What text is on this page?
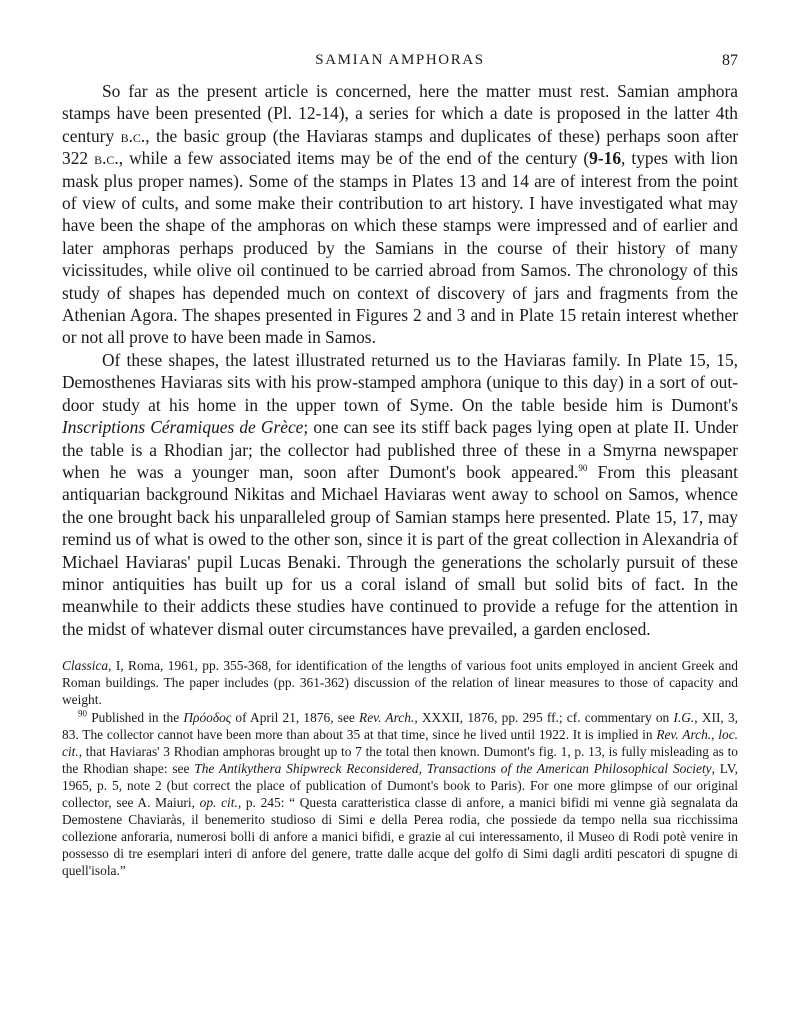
SAMIAN AMPHORAS	87

So far as the present article is concerned, here the matter must rest. Samian amphora stamps have been presented (Pl. 12-14), a series for which a date is proposed in the latter 4th century b.c., the basic group (the Haviaras stamps and duplicates of these) perhaps soon after 322 b.c., while a few associated items may be of the end of the century (9-16, types with lion mask plus proper names). Some of the stamps in Plates 13 and 14 are of interest from the point of view of cults, and some make their contribution to art history. I have investigated what may have been the shape of the amphoras on which these stamps were impressed and of earlier and later amphoras perhaps produced by the Samians in the course of their history of many vicissitudes, while olive oil continued to be carried abroad from Samos. The chronology of this study of shapes has depended much on context of discovery of jars and fragments from the Athenian Agora. The shapes presented in Figures 2 and 3 and in Plate 15 retain interest whether or not all prove to have been made in Samos.

Of these shapes, the latest illustrated returned us to the Haviaras family. In Plate 15, 15, Demosthenes Haviaras sits with his prow-stamped amphora (unique to this day) in a sort of out-door study at his home in the upper town of Syme. On the table beside him is Dumont's Inscriptions Céramiques de Grèce; one can see its stiff back pages lying open at plate II. Under the table is a Rhodian jar; the collector had published three of these in a Smyrna newspaper when he was a younger man, soon after Dumont's book appeared.$^{90}$ From this pleasant antiquarian background Nikitas and Michael Haviaras went away to school on Samos, whence the one brought back his unparalleled group of Samian stamps here presented. Plate 15, 17, may remind us of what is owed to the other son, since it is part of the great collection in Alexandria of Michael Haviaras' pupil Lucas Benaki. Through the generations the scholarly pursuit of these minor antiquities has built up for us a coral island of small but solid bits of fact. In the meanwhile to their addicts these studies have continued to provide a refuge for the attention in the midst of whatever dismal outer circumstances have prevailed, a garden enclosed.

Classica, I, Roma, 1961, pp. 355-368, for identification of the lengths of various foot units employed in ancient Greek and Roman buildings. The paper includes (pp. 361-362) discussion of the relation of linear measures to those of capacity and weight.

$^{90}$ Published in the Πρόοδος of April 21, 1876, see Rev. Arch., XXXII, 1876, pp. 295 ff.; cf. commentary on I.G., XII, 3, 83. The collector cannot have been more than about 35 at that time, since he lived until 1922. It is implied in Rev. Arch., loc. cit., that Haviaras' 3 Rhodian amphoras brought up to 7 the total then known. Dumont's fig. 1, p. 13, is fully misleading as to the Rhodian shape: see The Antikythera Shipwreck Reconsidered, Transactions of the American Philosophical Society, LV, 1965, p. 5, note 2 (but correct the place of publication of Dumont's book to Paris). For one more glimpse of our original collector, see A. Maiuri, op. cit., p. 245: “ Questa caratteristica classe di anfore, a manici bifidi mi venne già segnalata da Demostene Chaviaràs, il benemerito studioso di Simi e della Perea rodia, che possiede da tempo nella sua ricchissima collezione anforaria, numerosi bolli di anfore a manici bifidi, e grazie al cui interessamento, il Museo di Rodi potè venire in possesso di tre esemplari interi di anfore del genere, tratte dalle acque del golfo di Simi dagli arditi pescatori di spugne di quell'isola.”
